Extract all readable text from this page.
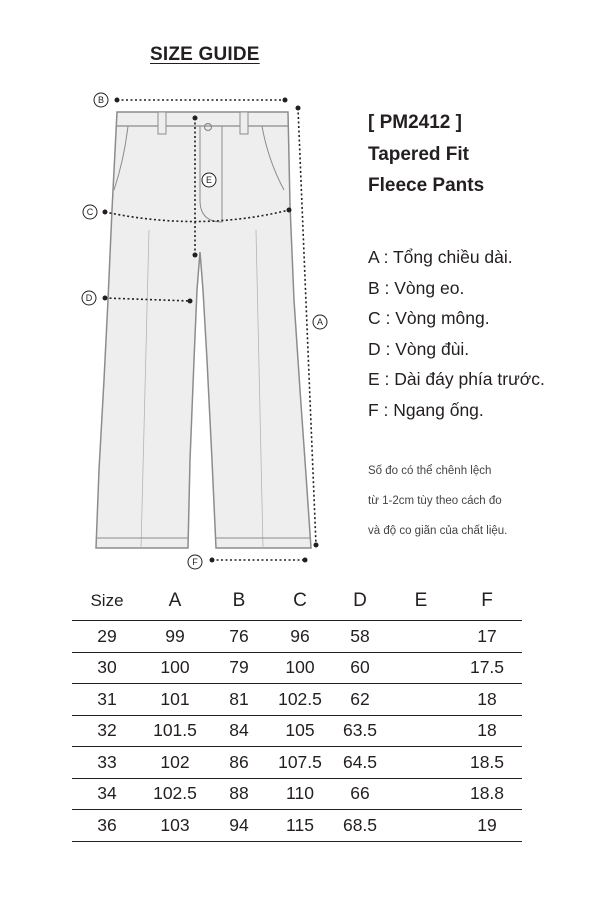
SIZE GUIDE
B
E
C
D
A
F
[ PM2412 ]
Tapered Fit
Fleece Pants
A : Tổng chiều dài.
B : Vòng eo.
C : Vòng mông.
D : Vòng đùi.
E : Dài đáy phía trước.
F : Ngang ống.
Số đo có thể chênh lệch
từ 1-2cm tùy theo cách đo
và độ co giãn của chất liệu.
Size	A	B	C	D	E	F
29	99	76	96	58		17
30	100	79	100	60		17.5
31	101	81	102.5	62		18
32	101.5	84	105	63.5		18
33	102	86	107.5	64.5		18.5
34	102.5	88	110	66		18.8
36	103	94	115	68.5		19
